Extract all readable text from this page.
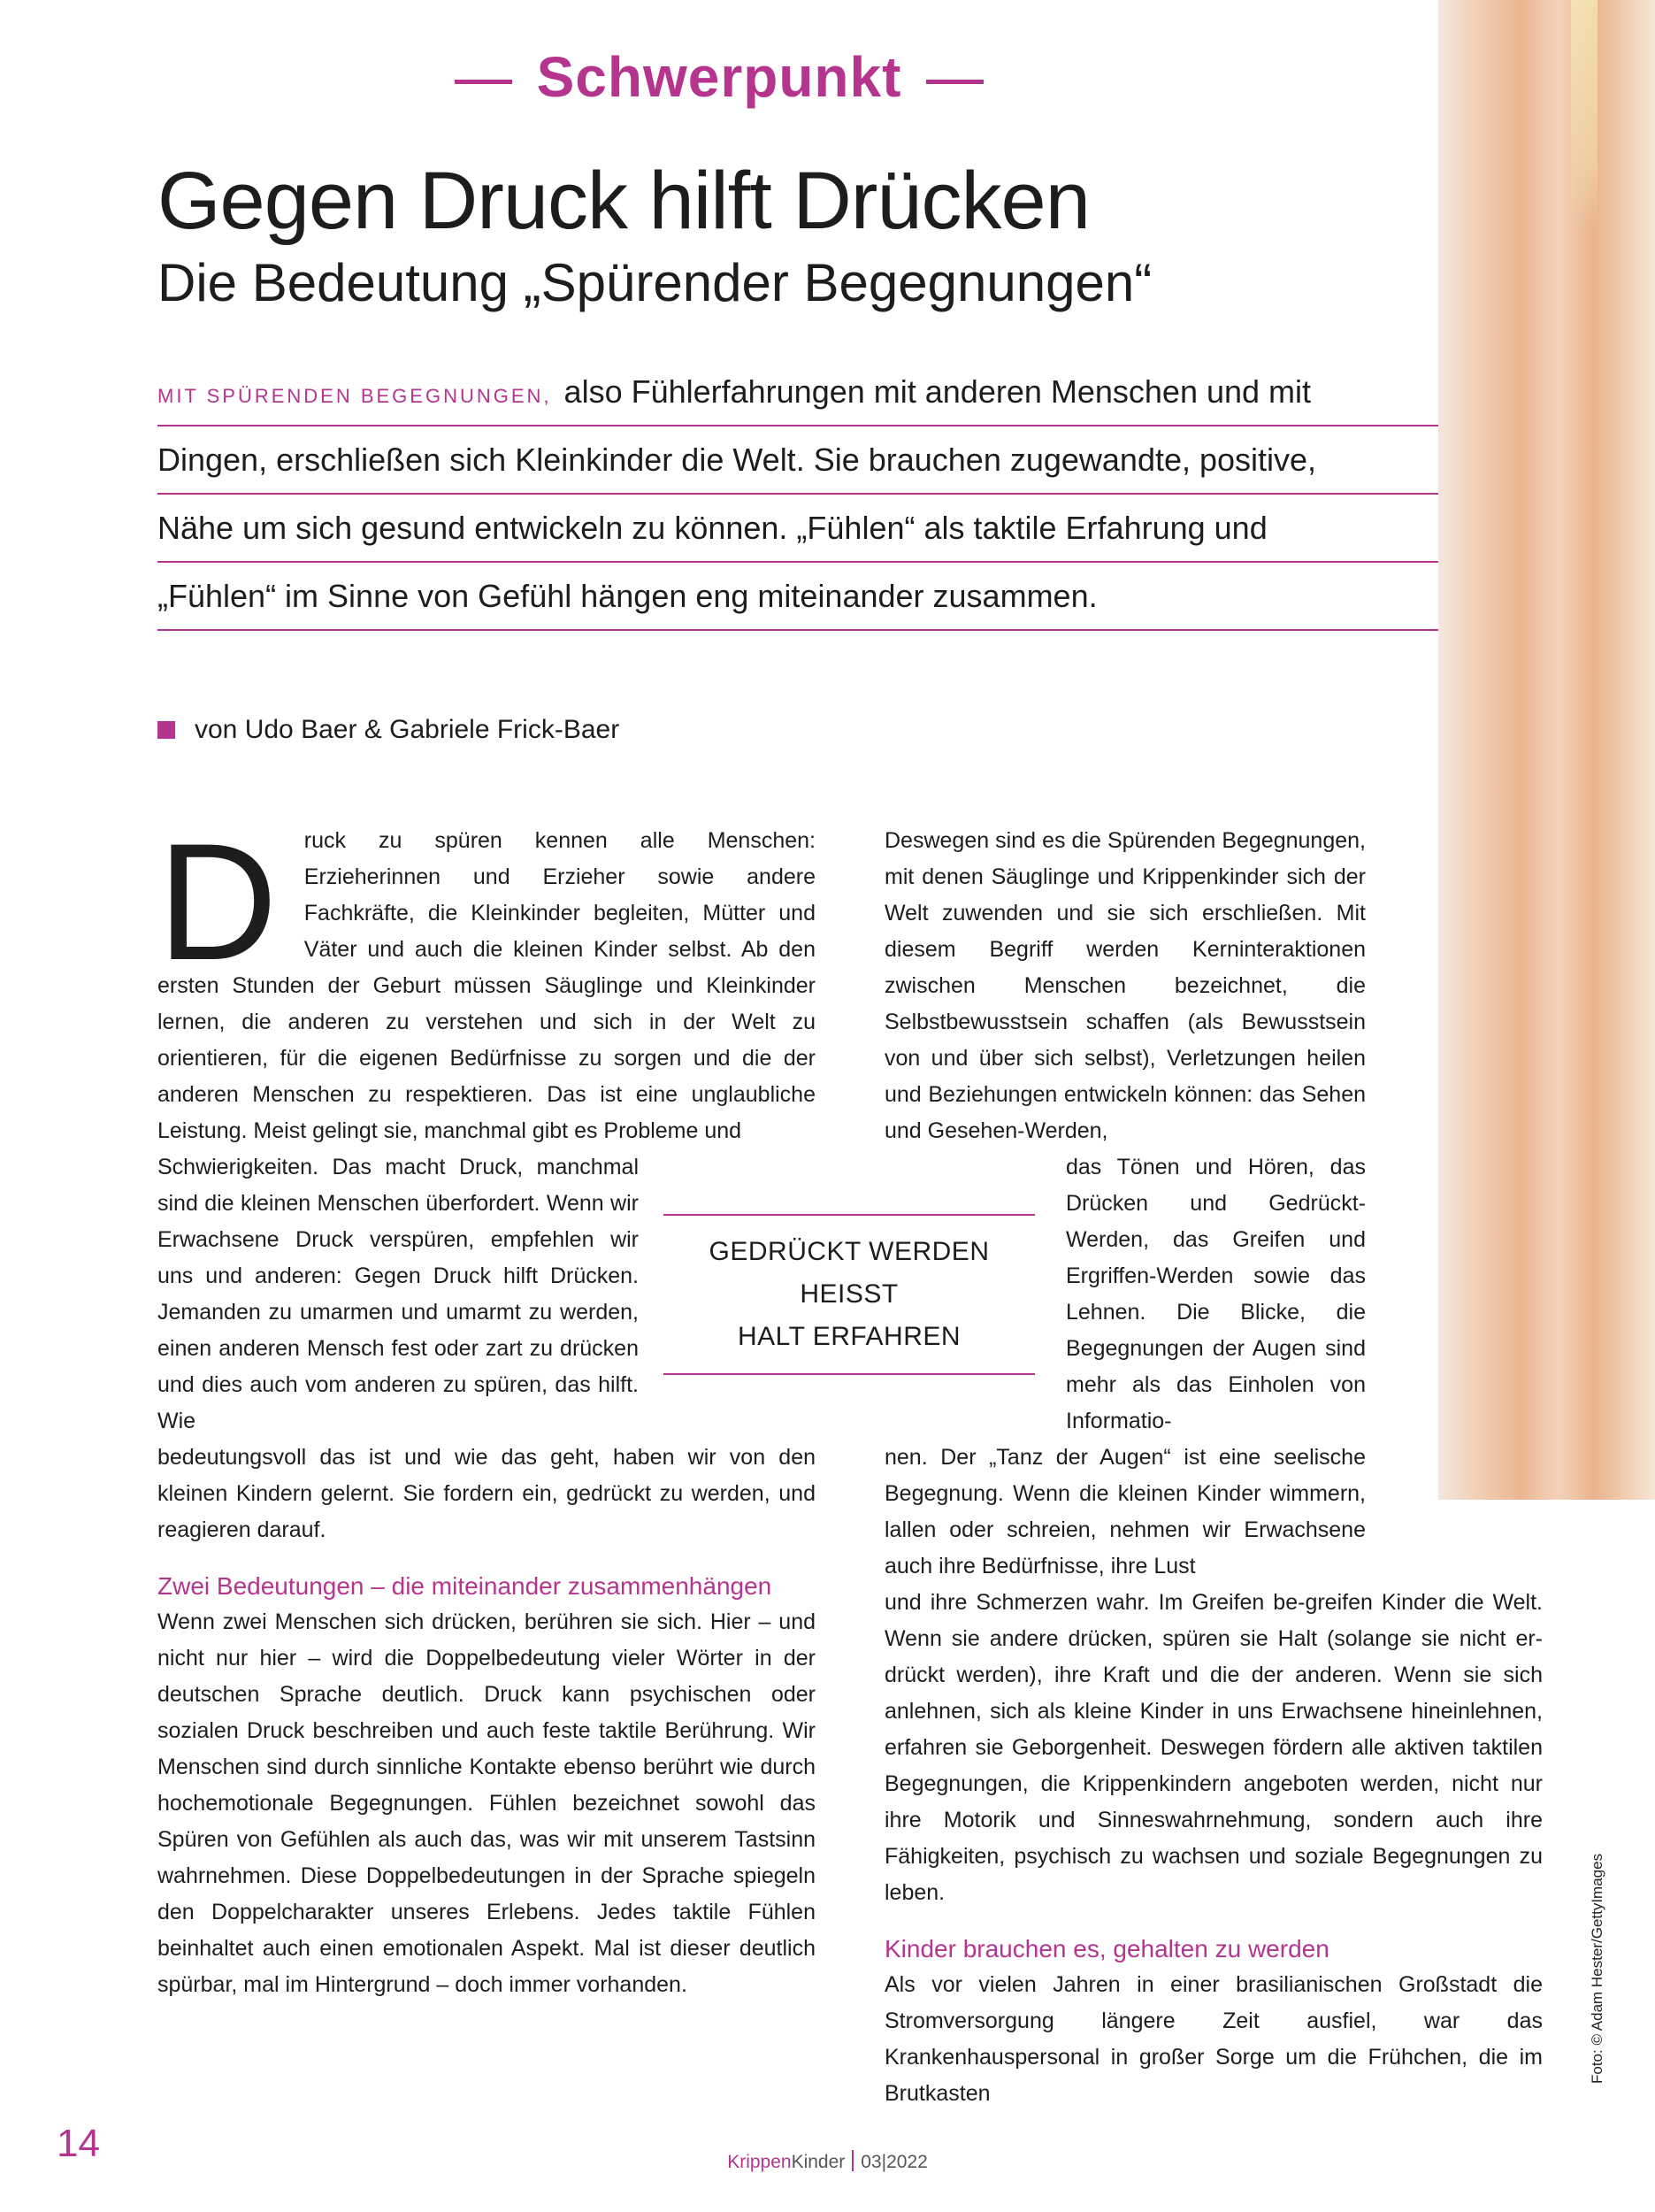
Foto: © Adam Hester/GettyImages
Schwerpunkt
Gegen Druck hilft Drücken
Die Bedeutung „Spürender Begegnungen“
MIT SPÜRENDEN BEGEGNUNGEN, also Fühlerfahrungen mit anderen Menschen und mit
Dingen, erschließen sich Kleinkinder die Welt. Sie brauchen zugewandte, positive,
Nähe um sich gesund entwickeln zu können. „Fühlen“ als taktile Erfahrung und
„Fühlen“ im Sinne von Gefühl hängen eng miteinander zusammen.
von Udo Baer & Gabriele Frick-Baer
D	ruck zu spüren kennen alle Menschen: Erzieherinnen und Erzieher sowie andere Fachkräfte, die Kleinkinder begleiten, Mütter und Väter und auch die kleinen Kinder selbst. Ab den ersten Stunden der Geburt müssen Säuglinge und Kleinkinder lernen, die anderen zu verstehen und sich in der Welt zu orientieren, für die eigenen Bedürfnisse zu sorgen und die der anderen Menschen zu respektieren. Das ist eine unglaubliche Leistung. Meist gelingt sie, manchmal gibt es Probleme und

Schwierigkeiten. Das macht Druck, manchmal sind die kleinen Menschen überfordert. Wenn wir Erwachsene Druck verspüren, empfehlen wir uns und anderen: Gegen Druck hilft Drücken. Jemanden zu umarmen und umarmt zu werden, einen anderen Mensch fest oder zart zu drücken und dies auch vom anderen zu spüren, das hilft. Wie

bedeutungsvoll das ist und wie das geht, haben wir von den kleinen Kindern gelernt. Sie fordern ein, gedrückt zu werden, und reagieren darauf.

Zwei Bedeutungen – die miteinander zusammenhängen

Wenn zwei Menschen sich drücken, berühren sie sich. Hier – und nicht nur hier – wird die Doppelbedeutung vieler Wörter in der deutschen Sprache deutlich. Druck kann psychischen oder sozialen Druck beschreiben und auch feste taktile Berührung. Wir Menschen sind durch sinnliche Kontakte ebenso berührt wie durch hochemotionale Begegnungen. Fühlen bezeichnet sowohl das Spüren von Gefühlen als auch das, was wir mit unserem Tastsinn wahrnehmen. Diese Doppelbedeutungen in der Sprache spiegeln den Doppelcharakter unseres Erlebens. Jedes taktile Fühlen beinhaltet auch einen emotionalen Aspekt. Mal ist dieser deutlich spürbar, mal im Hintergrund – doch immer vorhanden.

Deswegen sind es die Spürenden Begegnungen, mit denen Säuglinge und Krippenkinder sich der Welt zuwenden und sie sich erschließen. Mit diesem Begriff werden Kerninteraktionen zwischen Menschen bezeichnet, die Selbstbewusstsein schaffen (als Bewusstsein von und über sich selbst), Verletzungen heilen und Beziehungen entwickeln können: das Sehen und Gesehen-Werden,

das Tönen und Hören, das Drücken und Gedrückt-Werden, das Greifen und Ergriffen-Werden sowie das Lehnen. Die Blicke, die Begegnungen der Augen sind mehr als das Einholen von Informatio-

nen. Der „Tanz der Augen“ ist eine seelische Begegnung. Wenn die kleinen Kinder wimmern, lallen oder schreien, nehmen wir Erwachsene auch ihre Bedürfnisse, ihre Lust

und ihre Schmerzen wahr. Im Greifen be-greifen Kinder die Welt. Wenn sie andere drücken, spüren sie Halt (solange sie nicht er-drückt werden), ihre Kraft und die der anderen. Wenn sie sich anlehnen, sich als kleine Kinder in uns Erwachsene hineinlehnen, erfahren sie Geborgenheit. Deswegen fördern alle aktiven taktilen Begegnungen, die Krippenkindern angeboten werden, nicht nur ihre Motorik und Sinneswahrnehmung, sondern auch ihre Fähigkeiten, psychisch zu wachsen und soziale Begegnungen zu leben.

Kinder brauchen es, gehalten zu werden

Als vor vielen Jahren in einer brasilianischen Großstadt die Stromversorgung längere Zeit ausfiel, war das Krankenhauspersonal in großer Sorge um die Frühchen, die im Brutkasten

GEDRÜCKT WERDEN HEISST
HALT ERFAHREN
14	KrippenKinder 03|2022
